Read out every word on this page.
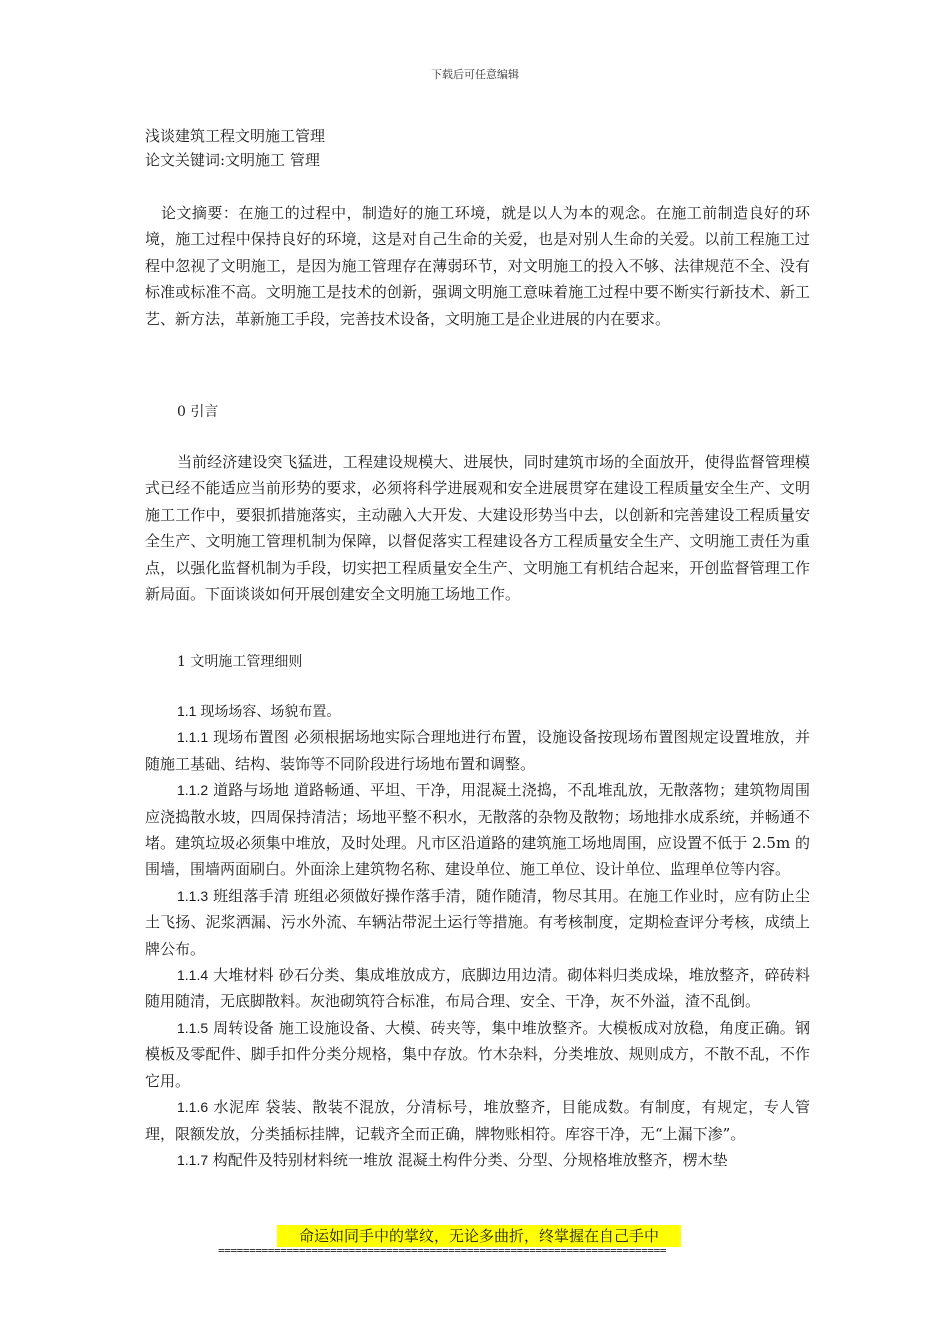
下载后可任意编辑
浅谈建筑工程文明施工管理
论文关键词:文明施工 管理
论文摘要：在施工的过程中，制造好的施工环境，就是以人为本的观念。在施工前制造良好的环境，施工过程中保持良好的环境，这是对自己生命的关爱，也是对别人生命的关爱。以前工程施工过程中忽视了文明施工，是因为施工管理存在薄弱环节，对文明施工的投入不够、法律规范不全、没有标准或标准不高。文明施工是技术的创新，强调文明施工意味着施工过程中要不断实行新技术、新工艺、新方法，革新施工手段，完善技术设备，文明施工是企业进展的内在要求。
0 引言
当前经济建设突飞猛进，工程建设规模大、进展快，同时建筑市场的全面放开，使得监督管理模式已经不能适应当前形势的要求，必须将科学进展观和安全进展贯穿在建设工程质量安全生产、文明施工工作中，要狠抓措施落实，主动融入大开发、大建设形势当中去，以创新和完善建设工程质量安全生产、文明施工管理机制为保障，以督促落实工程建设各方工程质量安全生产、文明施工责任为重点，以强化监督机制为手段，切实把工程质量安全生产、文明施工有机结合起来，开创监督管理工作新局面。下面谈谈如何开展创建安全文明施工场地工作。
1 文明施工管理细则

1.1 现场场容、场貌布置。

1.1.1 现场布置图 必须根据场地实际合理地进行布置，设施设备按现场布置图规定设置堆放，并随施工基础、结构、装饰等不同阶段进行场地布置和调整。

1.1.2 道路与场地 道路畅通、平坦、干净，用混凝土浇捣，不乱堆乱放，无散落物；建筑物周围应浇捣散水坡，四周保持清洁；场地平整不积水，无散落的杂物及散物；场地排水成系统，并畅通不堵。建筑垃圾必须集中堆放，及时处理。凡市区沿道路的建筑施工场地周围，应设置不低于 2.5m 的围墙，围墙两面刷白。外面涂上建筑物名称、建设单位、施工单位、设计单位、监理单位等内容。

1.1.3 班组落手清 班组必须做好操作落手清，随作随清，物尽其用。在施工作业时，应有防止尘土飞扬、泥浆洒漏、污水外流、车辆沾带泥土运行等措施。有考核制度，定期检查评分考核，成绩上牌公布。

1.1.4 大堆材料 砂石分类、集成堆放成方，底脚边用边清。砌体料归类成垛，堆放整齐，碎砖料随用随清，无底脚散料。灰池砌筑符合标准，布局合理、安全、干净，灰不外溢，渣不乱倒。

1.1.5 周转设备 施工设施设备、大模、砖夹等，集中堆放整齐。大模板成对放稳，角度正确。钢模板及零配件、脚手扣件分类分规格，集中存放。竹木杂料，分类堆放、规则成方，不散不乱，不作它用。

1.1.6 水泥库 袋装、散装不混放，分清标号，堆放整齐，目能成数。有制度，有规定，专人管理，限额发放，分类插标挂牌，记载齐全而正确，牌物账相符。库容干净，无“上漏下渗”。

1.1.7 构配件及特别材料统一堆放 混凝土构件分类、分型、分规格堆放整齐，楞木垫

命运如同手中的掌纹，无论多曲折，终掌握在自己手中
========================================================================
